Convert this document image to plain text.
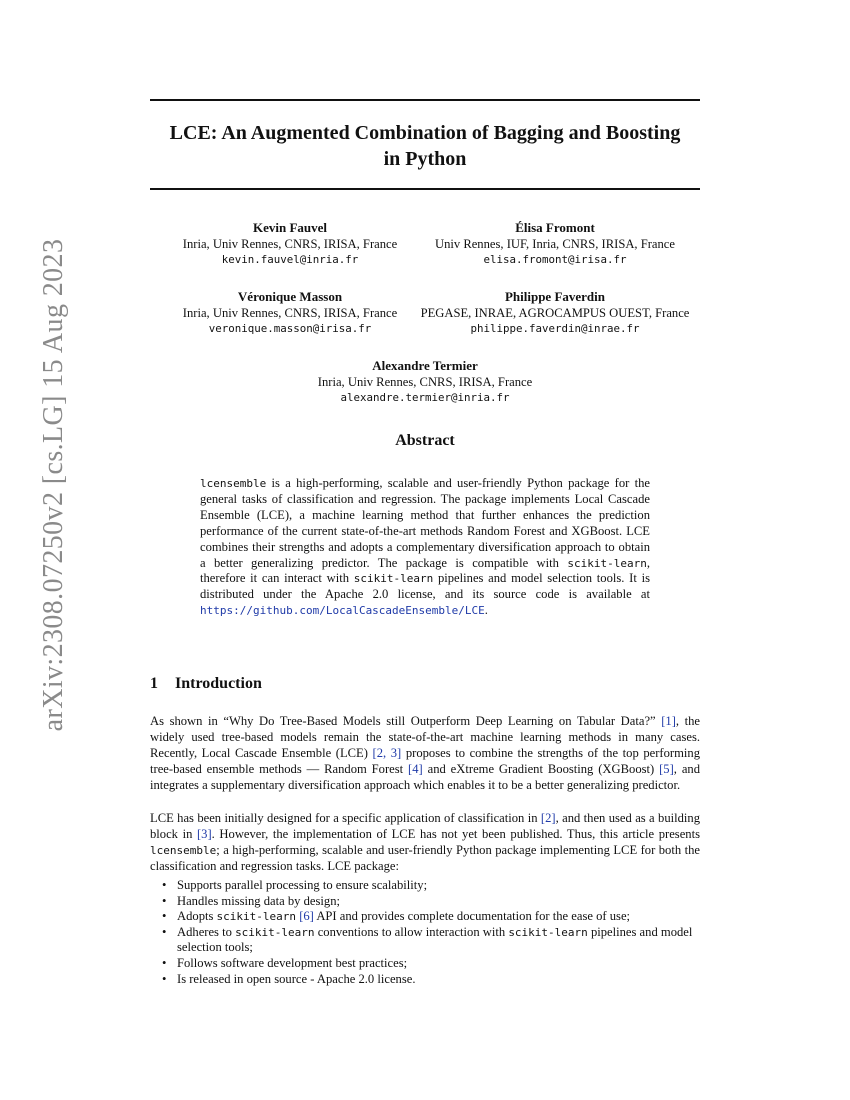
arXiv:2308.07250v2 [cs.LG] 15 Aug 2023
LCE: An Augmented Combination of Bagging and Boosting
in Python
Kevin Fauvel
Inria, Univ Rennes, CNRS, IRISA, France
kevin.fauvel@inria.fr
Élisa Fromont
Univ Rennes, IUF, Inria, CNRS, IRISA, France
elisa.fromont@irisa.fr
Véronique Masson
Inria, Univ Rennes, CNRS, IRISA, France
veronique.masson@irisa.fr
Philippe Faverdin
PEGASE, INRAE, AGROCAMPUS OUEST, France
philippe.faverdin@inrae.fr
Alexandre Termier
Inria, Univ Rennes, CNRS, IRISA, France
alexandre.termier@inria.fr
Abstract
lcensemble is a high-performing, scalable and user-friendly Python package for the general tasks of classification and regression. The package implements Local Cascade Ensemble (LCE), a machine learning method that further enhances the prediction performance of the current state-of-the-art methods Random Forest and XGBoost. LCE combines their strengths and adopts a complementary diversification approach to obtain a better generalizing predictor. The package is compatible with scikit-learn, therefore it can interact with scikit-learn pipelines and model selection tools. It is distributed under the Apache 2.0 license, and its source code is available at https://github.com/LocalCascadeEnsemble/LCE.
1 Introduction
As shown in “Why Do Tree-Based Models still Outperform Deep Learning on Tabular Data?” [1], the widely used tree-based models remain the state-of-the-art machine learning methods in many cases. Recently, Local Cascade Ensemble (LCE) [2, 3] proposes to combine the strengths of the top performing tree-based ensemble methods — Random Forest [4] and eXtreme Gradient Boosting (XGBoost) [5], and integrates a supplementary diversification approach which enables it to be a better generalizing predictor.
LCE has been initially designed for a specific application of classification in [2], and then used as a building block in [3]. However, the implementation of LCE has not yet been published. Thus, this article presents lcensemble; a high-performing, scalable and user-friendly Python package implementing LCE for both the classification and regression tasks. LCE package:
• Supports parallel processing to ensure scalability;
• Handles missing data by design;
• Adopts scikit-learn [6] API and provides complete documentation for the ease of use;
• Adheres to scikit-learn conventions to allow interaction with scikit-learn pipelines and model selection tools;
• Follows software development best practices;
• Is released in open source - Apache 2.0 license.
